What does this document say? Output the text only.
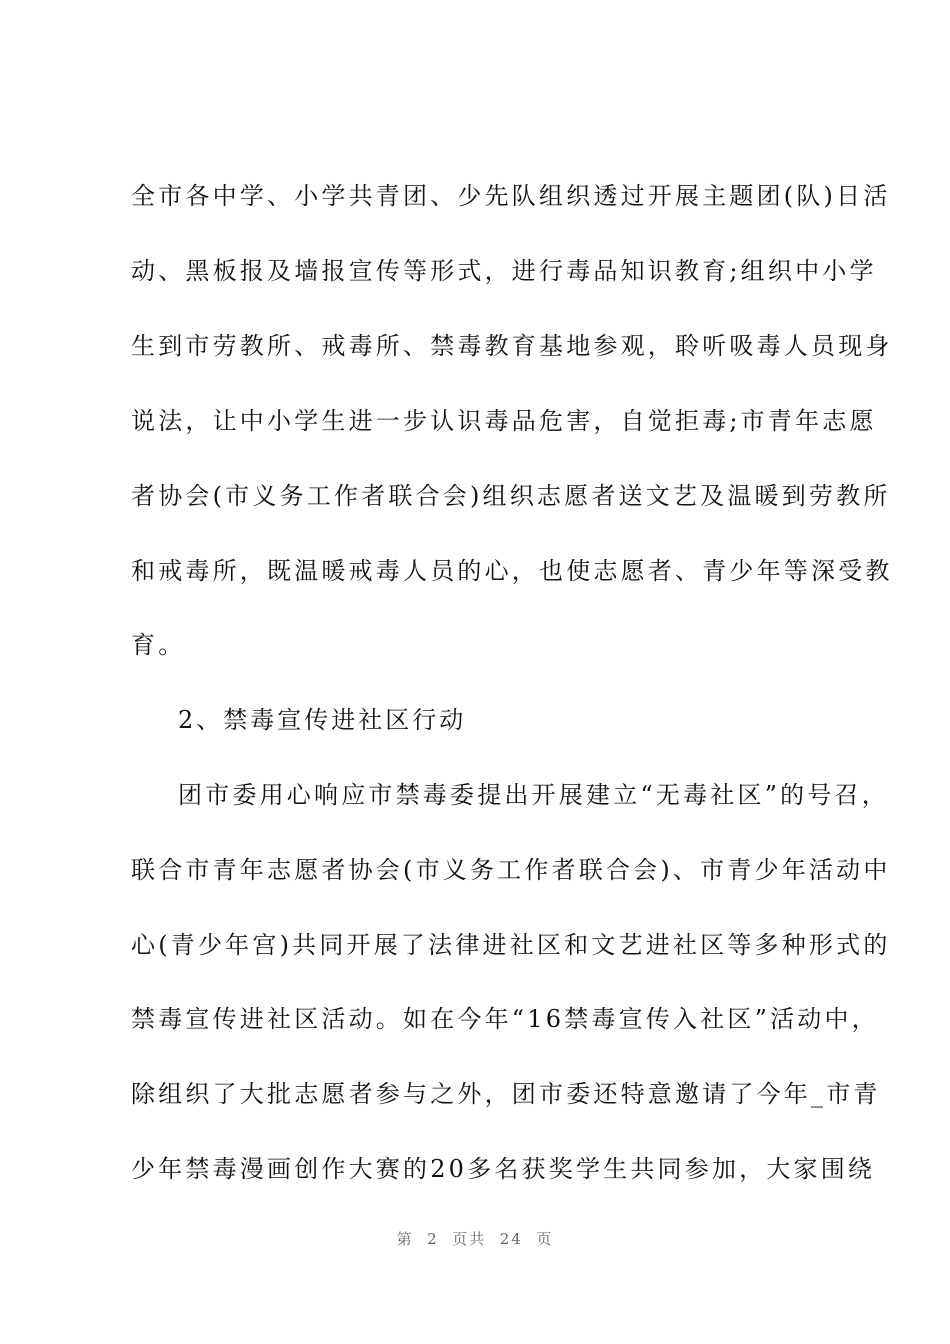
全市各中学、小学共青团、少先队组织透过开展主题团(队)日活
动、黑板报及墙报宣传等形式，进行毒品知识教育;组织中小学
生到市劳教所、戒毒所、禁毒教育基地参观，聆听吸毒人员现身
说法，让中小学生进一步认识毒品危害，自觉拒毒;市青年志愿
者协会(市义务工作者联合会)组织志愿者送文艺及温暖到劳教所
和戒毒所，既温暖戒毒人员的心，也使志愿者、青少年等深受教
育。
2、禁毒宣传进社区行动
团市委用心响应市禁毒委提出开展建立“无毒社区”的号召，
联合市青年志愿者协会(市义务工作者联合会)、市青少年活动中
心(青少年宫)共同开展了法律进社区和文艺进社区等多种形式的
禁毒宣传进社区活动。如在今年“16禁毒宣传入社区”活动中，
除组织了大批志愿者参与之外，团市委还特意邀请了今年_市青
少年禁毒漫画创作大赛的20多名获奖学生共同参加，大家围绕
第  2  页共  24  页
